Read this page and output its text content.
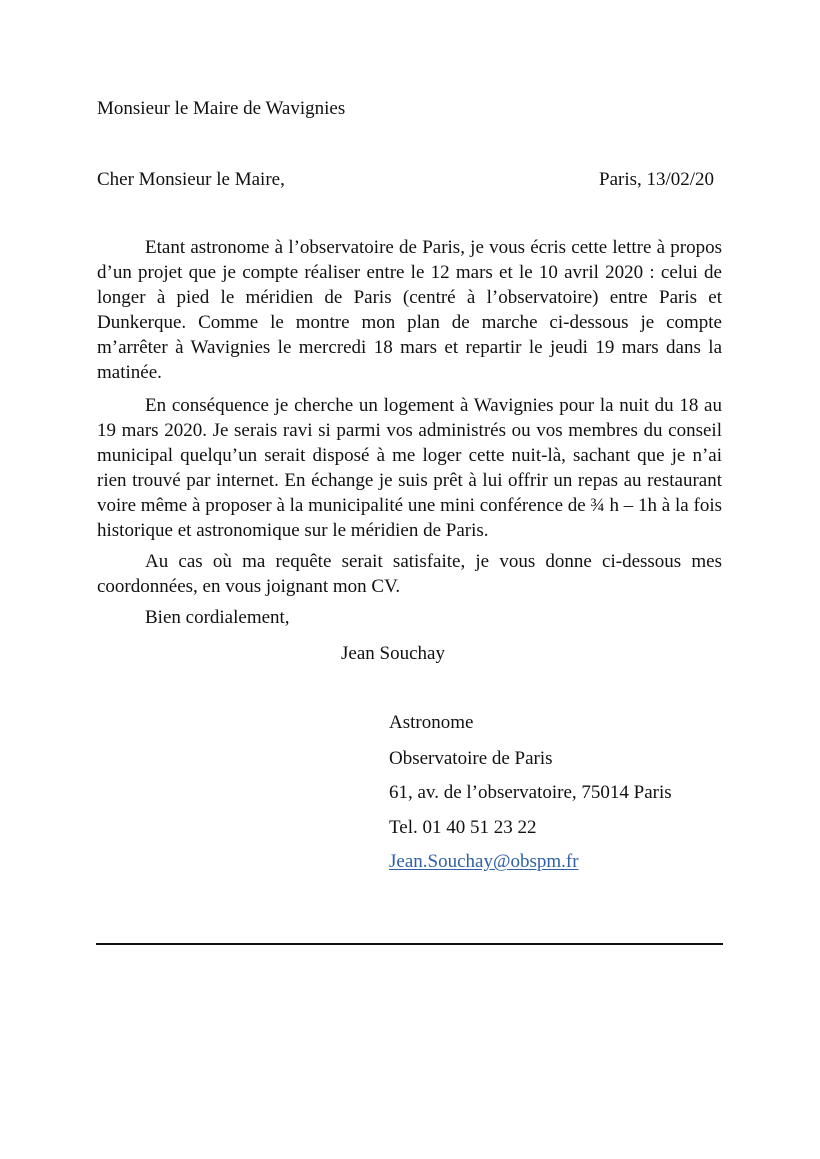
Monsieur le Maire de Wavignies
Cher Monsieur le Maire,	Paris, 13/02/20
Etant astronome à l’observatoire de Paris, je vous écris cette lettre à propos
d’un projet que je compte réaliser entre le 12 mars et le 10 avril 2020 : celui de
longer à pied le méridien de Paris (centré à l’observatoire) entre Paris et
Dunkerque. Comme le montre mon plan de marche ci-dessous je compte
m’arrêter à Wavignies le mercredi 18 mars et repartir le jeudi 19 mars dans la
matinée.
En conséquence je cherche un logement à Wavignies pour la nuit du 18 au
19 mars 2020. Je serais ravi si parmi vos administrés ou vos membres du conseil
municipal quelqu’un serait disposé à me loger cette nuit-là, sachant que je n’ai
rien trouvé par internet. En échange je suis prêt à lui offrir un repas au restaurant
voire même à proposer à la municipalité une mini conférence de ¾ h – 1h à la fois
historique et astronomique sur le méridien de Paris.
Au cas où ma requête serait satisfaite, je vous donne ci-dessous mes
coordonnées, en vous joignant mon CV.
Bien cordialement,
Jean Souchay
Astronome
Observatoire de Paris
61, av. de l’observatoire, 75014 Paris
Tel. 01 40 51 23 22
Jean.Souchay@obspm.fr
